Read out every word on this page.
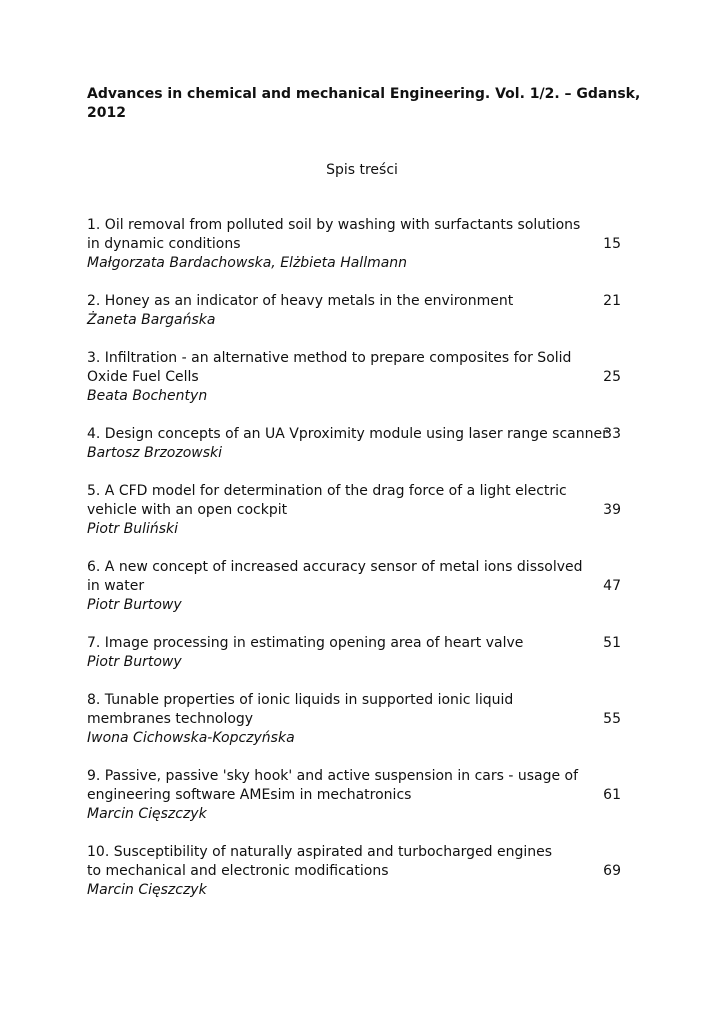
Advances in chemical and mechanical Engineering. Vol. 1/2. – Gdansk, 2012
Spis treści
1. Oil removal from polluted soil by washing with surfactants solutions in dynamic conditions
Małgorzata Bardachowska, Elżbieta Hallmann
15
2. Honey as an indicator of heavy metals in the environment
Żaneta Bargańska
21
3. Infiltration - an alternative method to prepare composites for Solid Oxide Fuel Cells
Beata Bochentyn
25
4. Design concepts of an UA Vproximity module using laser range scanner
Bartosz Brzozowski
33
5. A CFD model for determination of the drag force of a light electric vehicle with an open cockpit
Piotr Buliński
39
6. A new concept of increased accuracy sensor of metal ions dissolved in water
Piotr Burtowy
47
7. Image processing in estimating opening area of heart valve
Piotr Burtowy
51
8. Tunable properties of ionic liquids in supported ionic liquid membranes technology
Iwona Cichowska-Kopczyńska
55
9. Passive, passive 'sky hook' and active suspension in cars - usage of engineering software AMEsim in mechatronics
Marcin Cięszczyk
61
10. Susceptibility of naturally aspirated and turbocharged engines to mechanical and electronic modifications
Marcin Cięszczyk
69
